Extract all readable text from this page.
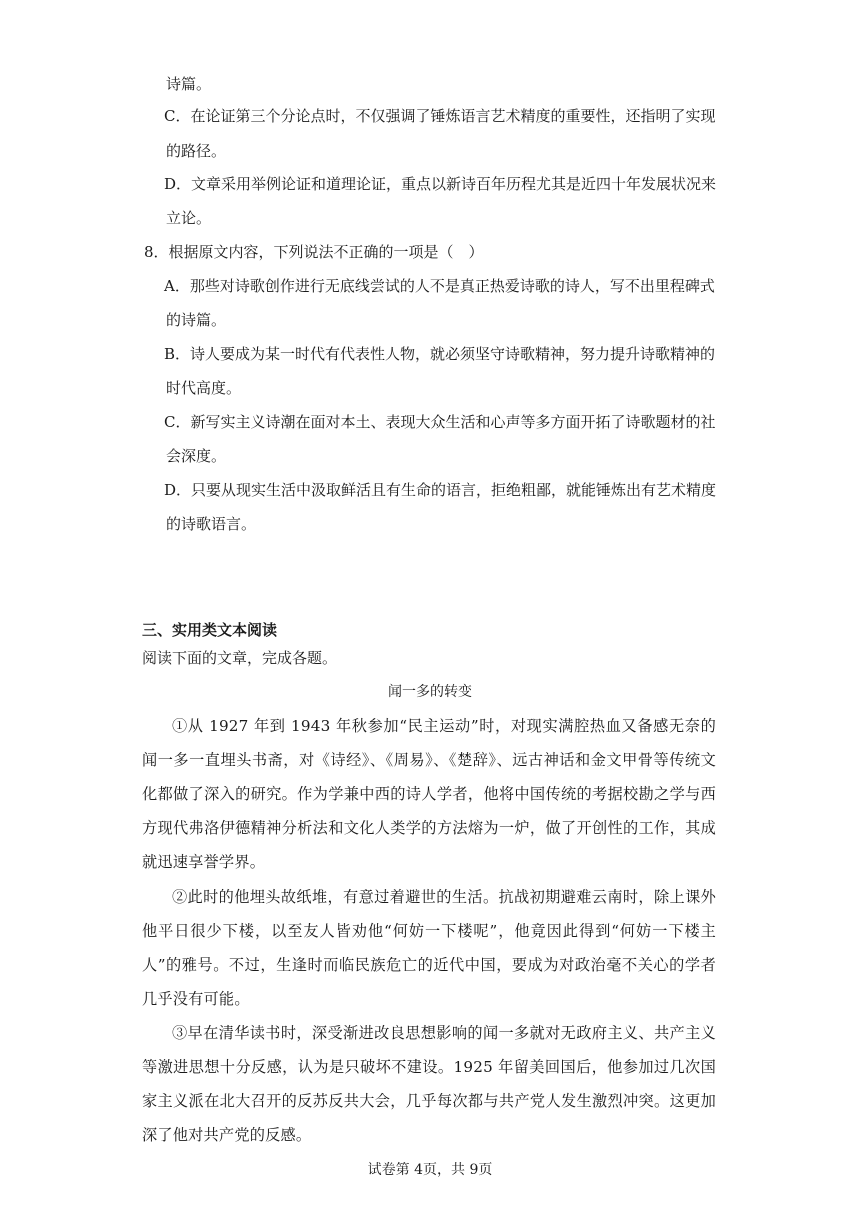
诗篇。
C．在论证第三个分论点时，不仅强调了锤炼语言艺术精度的重要性，还指明了实现
的路径。
D．文章采用举例论证和道理论证，重点以新诗百年历程尤其是近四十年发展状况来
立论。
8．根据原文内容，下列说法不正确的一项是（　）
A．那些对诗歌创作进行无底线尝试的人不是真正热爱诗歌的诗人，写不出里程碑式
的诗篇。
B．诗人要成为某一时代有代表性人物，就必须坚守诗歌精神，努力提升诗歌精神的
时代高度。
C．新写实主义诗潮在面对本土、表现大众生活和心声等多方面开拓了诗歌题材的社
会深度。
D．只要从现实生活中汲取鲜活且有生命的语言，拒绝粗鄙，就能锤炼出有艺术精度
的诗歌语言。
三、实用类文本阅读
阅读下面的文章，完成各题。
闻一多的转变
①从 1927 年到 1943 年秋参加“民主运动”时，对现实满腔热血又备感无奈的闻一多一直埋头书斋，对《诗经》、《周易》、《楚辞》、远古神话和金文甲骨等传统文化都做了深入的研究。作为学兼中西的诗人学者，他将中国传统的考据校勘之学与西方现代弗洛伊德精神分析法和文化人类学的方法熔为一炉，做了开创性的工作，其成就迅速享誉学界。
②此时的他埋头故纸堆，有意过着避世的生活。抗战初期避难云南时，除上课外他平日很少下楼，以至友人皆劝他“何妨一下楼呢”，他竟因此得到“何妨一下楼主人”的雅号。不过，生逢时而临民族危亡的近代中国，要成为对政治毫不关心的学者几乎没有可能。
③早在清华读书时，深受渐进改良思想影响的闻一多就对无政府主义、共产主义等激进思想十分反感，认为是只破坏不建设。1925 年留美回国后，他参加过几次国家主义派在北大召开的反苏反共大会，几乎每次都与共产党人发生激烈冲突。这更加深了他对共产党的反感。
试卷第 4页，共 9页
